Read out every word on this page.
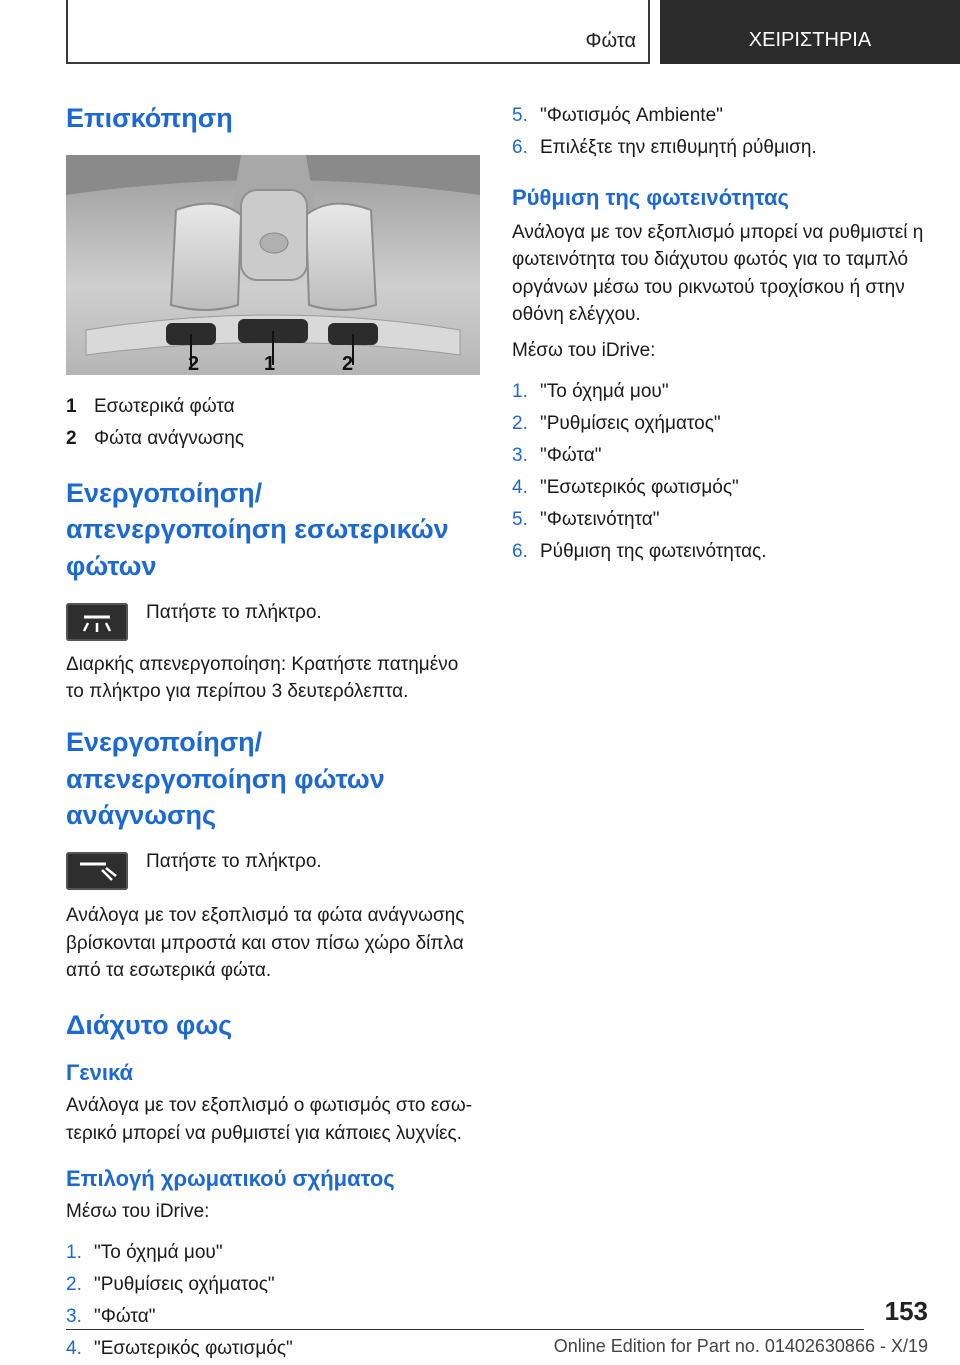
Φώτα	ΧΕΙΡΙΣΤΗΡΙΑ
Επισκόπηση
2	1	2
1 Εσωτερικά φώτα
2 Φώτα ανάγνωσης
Ενεργοποίηση/απενεργοποίηση εσωτερικών φώτων

Πατήστε το πλήκτρο.

Διαρκής απενεργοποίηση: Κρατήστε πατημένο το πλήκτρο για περίπου 3 δευτερόλεπτα.

Ενεργοποίηση/απενεργοποίηση φώτων ανάγνωσης

Πατήστε το πλήκτρο.

Ανάλογα με τον εξοπλισμό τα φώτα ανάγνωσης βρίσκονται μπροστά και στον πίσω χώρο δίπλα από τα εσωτερικά φώτα.

Διάχυτο φως
Γενικά

Ανάλογα με τον εξοπλισμό ο φωτισμός στο εσω- τερικό μπορεί να ρυθμιστεί για κάποιες λυχνίες.

Επιλογή χρωματικού σχήματος

Μέσω του iDrive:

1. "Το όχημά μου"
2. "Ρυθμίσεις οχήματος"
3. "Φώτα"
4. "Εσωτερικός φωτισμός"
5. "Φωτισμός Ambiente"
6. Επιλέξτε την επιθυμητή ρύθμιση.
Ρύθμιση της φωτεινότητας

Ανάλογα με τον εξοπλισμό μπορεί να ρυθμιστεί η φωτεινότητα του διάχυτου φωτός για το ταμπλό οργάνων μέσω του ρικνωτού τροχίσκου ή στην οθόνη ελέγχου.

Μέσω του iDrive:

1. "Το όχημά μου"
2. "Ρυθμίσεις οχήματος"
3. "Φώτα"
4. "Εσωτερικός φωτισμός"
5. "Φωτεινότητα"
6. Ρύθμιση της φωτεινότητας.
153
Online Edition for Part no. 01402630866 - X/19
